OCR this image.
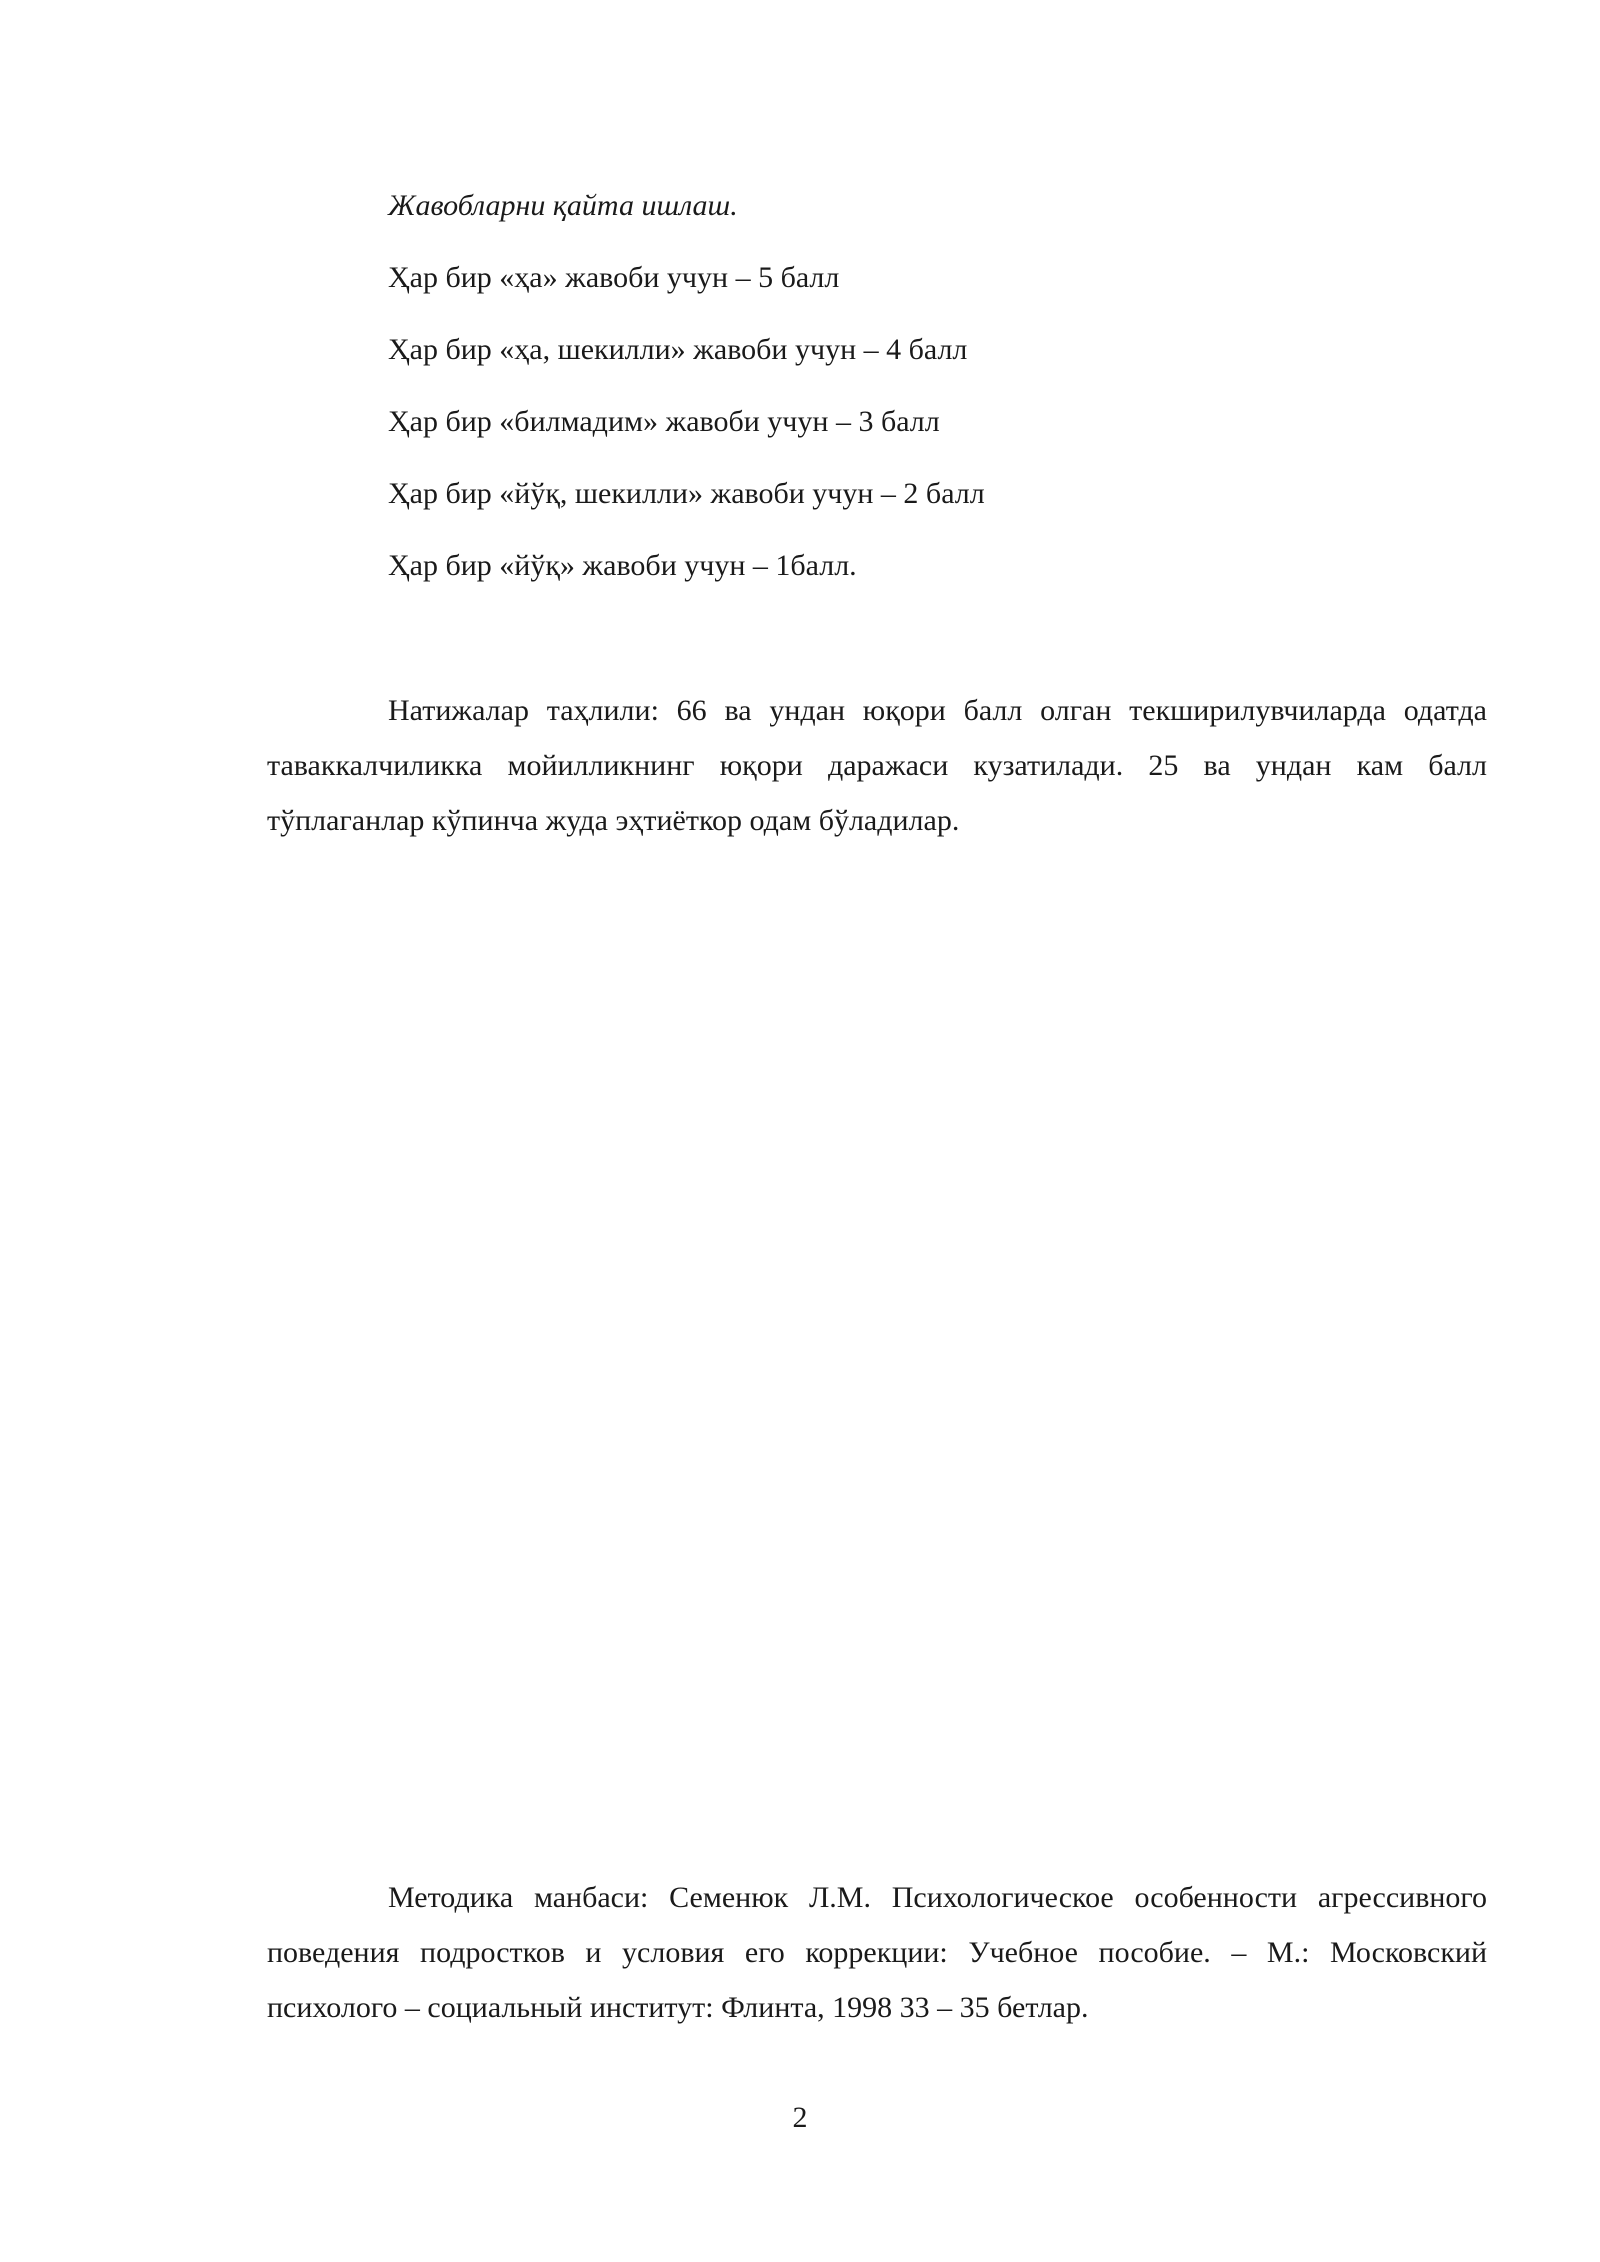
Жавобларни қайта ишлаш.
Ҳар бир «ҳа» жавоби учун – 5 балл
Ҳар бир «ҳа, шекилли» жавоби учун – 4 балл
Ҳар бир «билмадим» жавоби учун – 3 балл
Ҳар бир «йўқ, шекилли» жавоби учун – 2 балл
Ҳар бир «йўқ» жавоби учун – 1балл.

Натижалар таҳлили: 66 ва ундан юқори балл олган текширилувчиларда одатда таваккалчиликка мойилликнинг юқори даражаси кузатилади. 25 ва ундан кам балл тўплаганлар кўпинча жуда эҳтиёткор одам бўладилар.

Методика манбаси: Семенюк Л.М. Психологическое особенности агрессивного поведения подростков и условия его коррекции: Учебное пособие. – М.: Московский психолого – социальный институт: Флинта, 1998 33 – 35 бетлар.

2
